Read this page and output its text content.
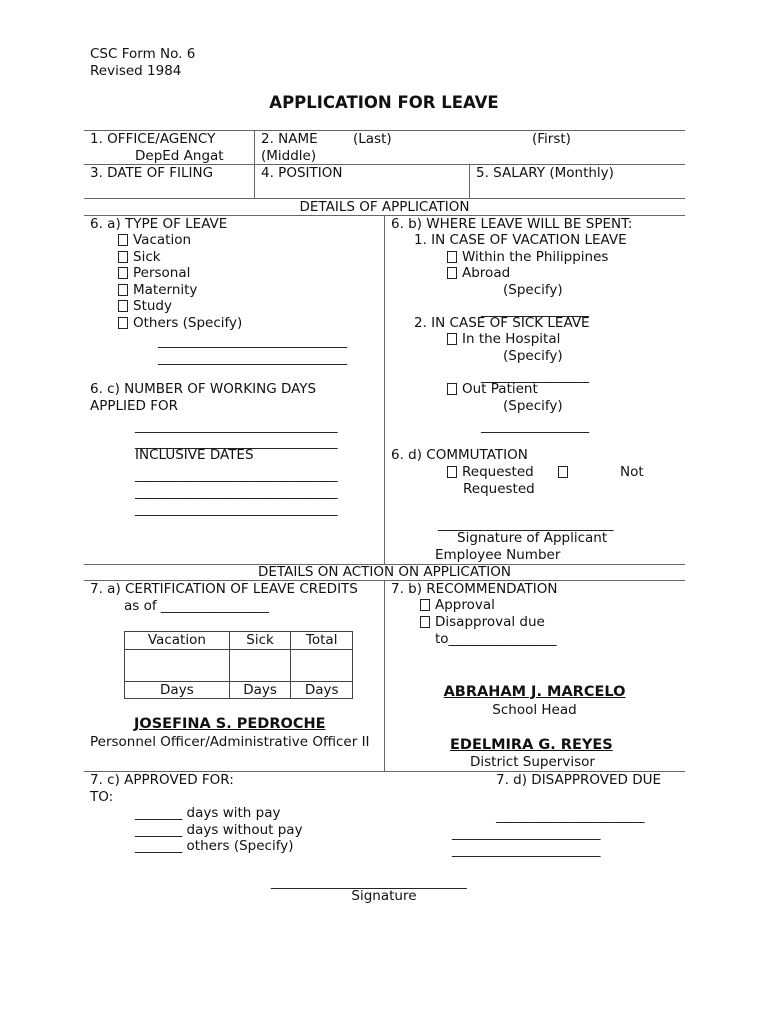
CSC Form No. 6
Revised 1984
APPLICATION FOR LEAVE
1. OFFICE/AGENCY
DepEd Angat
2. NAME	(Last)	(First)
(Middle)
3. DATE OF FILING	4. POSITION	5. SALARY (Monthly)
DETAILS OF APPLICATION
6. a) TYPE OF LEAVE
Vacation
Sick
Personal
Maternity
Study
Others (Specify)
____________________________
____________________________
6. c) NUMBER OF WORKING DAYS
APPLIED FOR
______________________________
______________________________
INCLUSIVE DATES
______________________________
______________________________
______________________________
6. b) WHERE LEAVE WILL BE SPENT:
1. IN CASE OF VACATION LEAVE
Within the Philippines
Abroad
(Specify)
________________
2. IN CASE OF SICK LEAVE
In the Hospital
(Specify)
________________
Out Patient
(Specify)
________________
6. d) COMMUTATION
Requested	Not
Requested
__________________________
Signature of Applicant
Employee Number
DETAILS ON ACTION ON APPLICATION
7. a) CERTIFICATION OF LEAVE CREDITS
as of ________________
Vacation	Sick	Total

Days	Days	Days
JOSEFINA S. PEDROCHE
Personnel Officer/Administrative Officer II
7. b) RECOMMENDATION
Approval
Disapproval due
to________________
ABRAHAM J. MARCELO
School Head
EDELMIRA G. REYES
District Supervisor
7. c) APPROVED FOR:
TO:
_______ days with pay
_______ days without pay
_______ others (Specify)
7. d) DISAPPROVED DUE
______________________
______________________
______________________
_____________________________
Signature
